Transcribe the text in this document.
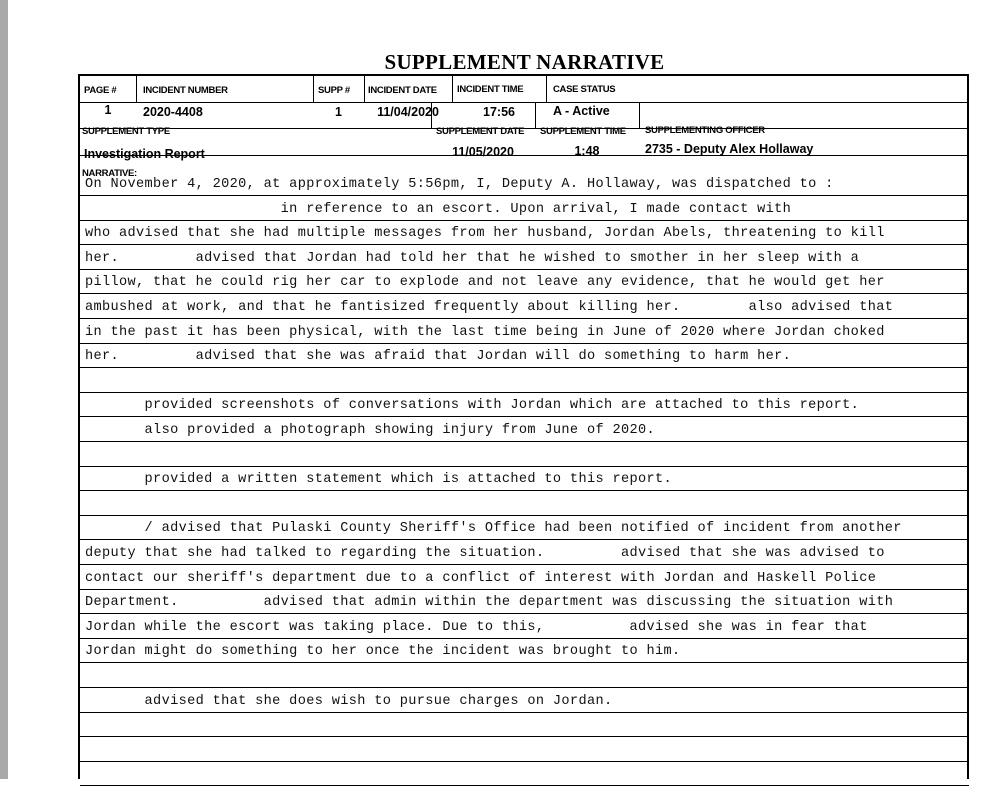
SUPPLEMENT NARRATIVE
PAGE #
1
INCIDENT NUMBER
2020-4408
SUPP #
1
INCIDENT DATE
11/04/2020
INCIDENT TIME
17:56
CASE STATUS
A - Active
SUPPLEMENT TYPE
Investigation Report
SUPPLEMENT DATE
11/05/2020
SUPPLEMENT TIME
1:48
SUPPLEMENTING OFFICER
2735 - Deputy Alex Hollaway
NARRATIVE:
On November 4, 2020, at approximately 5:56pm, I, Deputy A. Hollaway, was dispatched to :
in reference to an escort. Upon arrival, I made contact with
who advised that she had multiple messages from her husband, Jordan Abels, threatening to kill
her.         advised that Jordan had told her that he wished to smother in her sleep with a
pillow, that he could rig her car to explode and not leave any evidence, that he would get her
ambushed at work, and that he fantisized frequently about killing her.        also advised that
in the past it has been physical, with the last time being in June of 2020 where Jordan choked
her.         advised that she was afraid that Jordan will do something to harm her.
provided screenshots of conversations with Jordan which are attached to this report.
also provided a photograph showing injury from June of 2020.
provided a written statement which is attached to this report.
/ advised that Pulaski County Sheriff's Office had been notified of incident from another
deputy that she had talked to regarding the situation.         advised that she was advised to
contact our sheriff's department due to a conflict of interest with Jordan and Haskell Police
Department.          advised that admin within the department was discussing the situation with
Jordan while the escort was taking place. Due to this,          advised she was in fear that
Jordan might do something to her once the incident was brought to him.
advised that she does wish to pursue charges on Jordan.
